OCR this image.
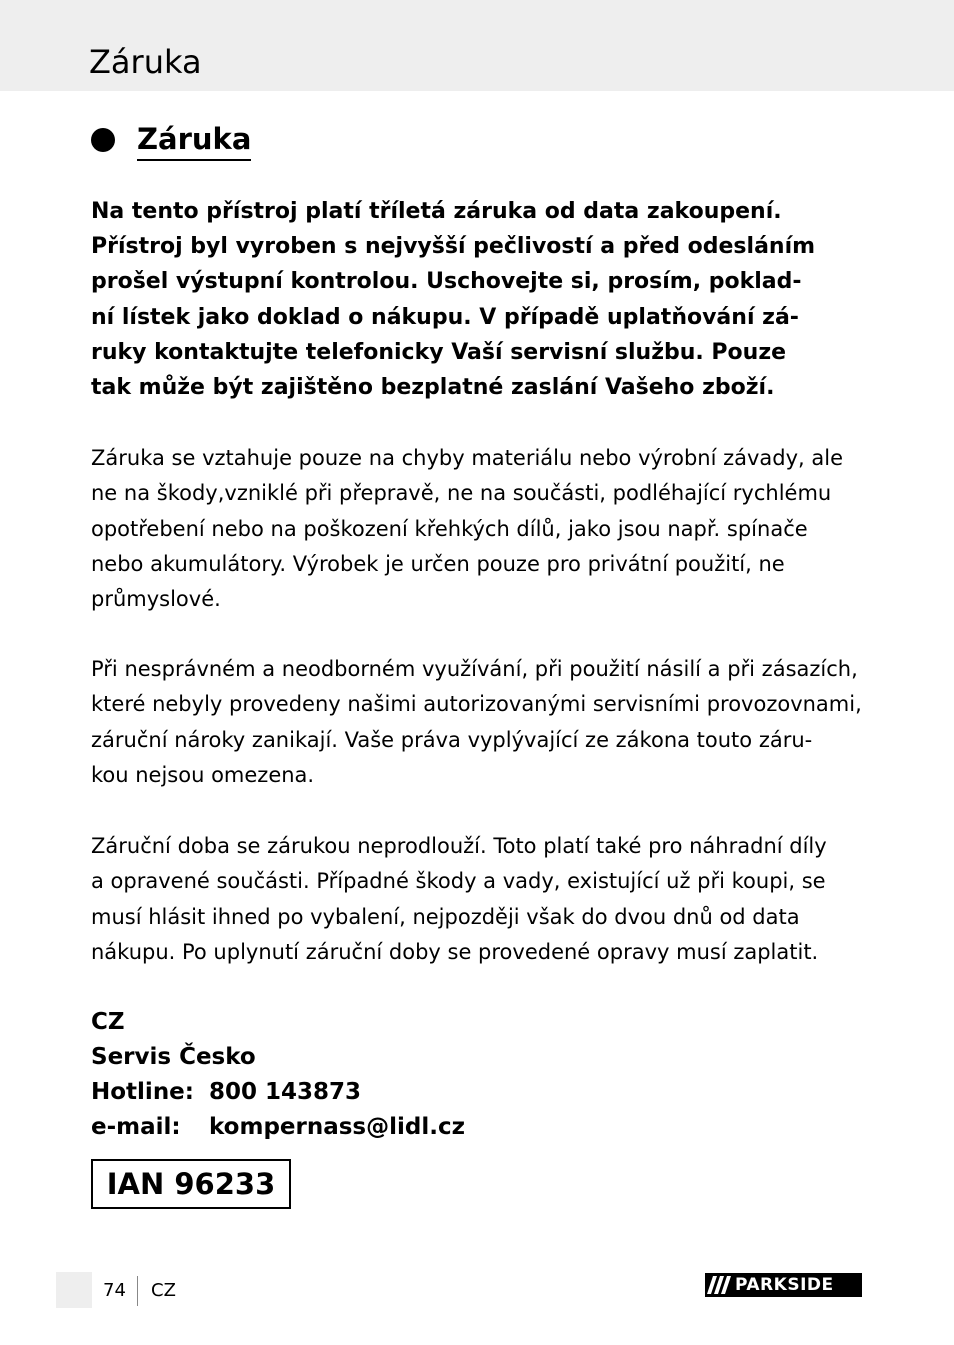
Záruka
Záruka
Na tento přístroj platí tříletá záruka od data zakoupení.
Přístroj byl vyroben s nejvyšší pečlivostí a před odesláním
prošel výstupní kontrolou. Uschovejte si, prosím, poklad-
ní lístek jako doklad o nákupu. V případě uplatňování zá-
ruky kontaktujte telefonicky Vaší servisní službu. Pouze
tak může být zajištěno bezplatné zaslání Vašeho zboží.
Záruka se vztahuje pouze na chyby materiálu nebo výrobní závady, ale
ne na škody,vzniklé při přepravě, ne na součásti, podléhající rychlému
opotřebení nebo na poškození křehkých dílů, jako jsou např. spínače
nebo akumulátory. Výrobek je určen pouze pro privátní použití, ne
průmyslové.
Při nesprávném a neodborném využívání, při použití násilí a při zásazích,
které nebyly provedeny našimi autorizovanými servisními provozovnami,
záruční nároky zanikají. Vaše práva vyplývající ze zákona touto záru-
kou nejsou omezena.
Záruční doba se zárukou neprodlouží. Toto platí také pro náhradní díly
a opravené součásti. Případné škody a vady, existující už při koupi, se
musí hlásit ihned po vybalení, nejpozději však do dvou dnů od data
nákupu. Po uplynutí záruční doby se provedené opravy musí zaplatit.
CZ
Servis Česko
Hotline: 800 143873
e-mail:	kompernass@lidl.cz
IAN 96233
74 CZ	PARKSIDE
